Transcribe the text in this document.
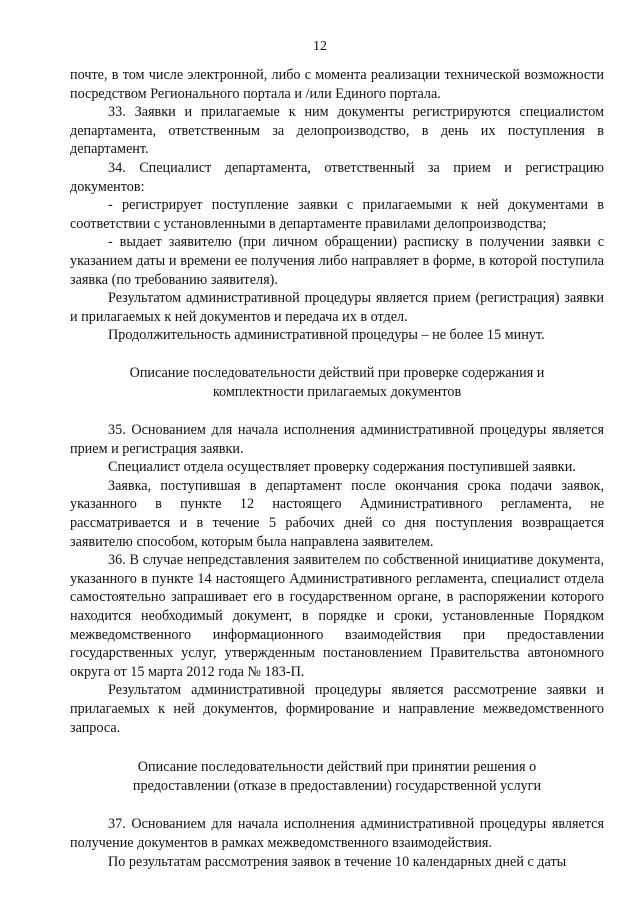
12

почте, в том числе электронной, либо с момента реализации технической возможности посредством Регионального портала и /или Единого портала.

33. Заявки и прилагаемые к ним документы регистрируются специалистом департамента, ответственным за делопроизводство, в день их поступления в департамент.

34. Специалист департамента, ответственный за прием и регистрацию документов:

- регистрирует поступление заявки с прилагаемыми к ней документами в соответствии с установленными в департаменте правилами делопроизводства;

- выдает заявителю (при личном обращении) расписку в получении заявки с указанием даты и времени ее получения либо направляет в форме, в которой поступила заявка (по требованию заявителя).

Результатом административной процедуры является прием (регистрация) заявки и прилагаемых к ней документов и передача их в отдел.

Продолжительность административной процедуры – не более 15 минут.

Описание последовательности действий при проверке содержания и
комплектности прилагаемых документов

35. Основанием для начала исполнения административной процедуры является прием и регистрация заявки.

Специалист отдела осуществляет проверку содержания поступившей заявки.

Заявка, поступившая в департамент после окончания срока подачи заявок, указанного в пункте 12 настоящего Административного регламента, не рассматривается и в течение 5 рабочих дней со дня поступления возвращается заявителю способом, которым была направлена заявителем.

36. В случае непредставления заявителем по собственной инициативе документа, указанного в пункте 14 настоящего Административного регламента, специалист отдела самостоятельно запрашивает его в государственном органе, в распоряжении которого находится необходимый документ, в порядке и сроки, установленные Порядком межведомственного информационного взаимодействия при предоставлении государственных услуг, утвержденным постановлением Правительства автономного округа от 15 марта 2012 года № 183-П.

Результатом административной процедуры является рассмотрение заявки и прилагаемых к ней документов, формирование и направление межведомственного запроса.

Описание последовательности действий при принятии решения о
предоставлении (отказе в предоставлении) государственной услуги

37. Основанием для начала исполнения административной процедуры является получение документов в рамках межведомственного взаимодействия.

По результатам рассмотрения заявок в течение 10 календарных дней с даты
